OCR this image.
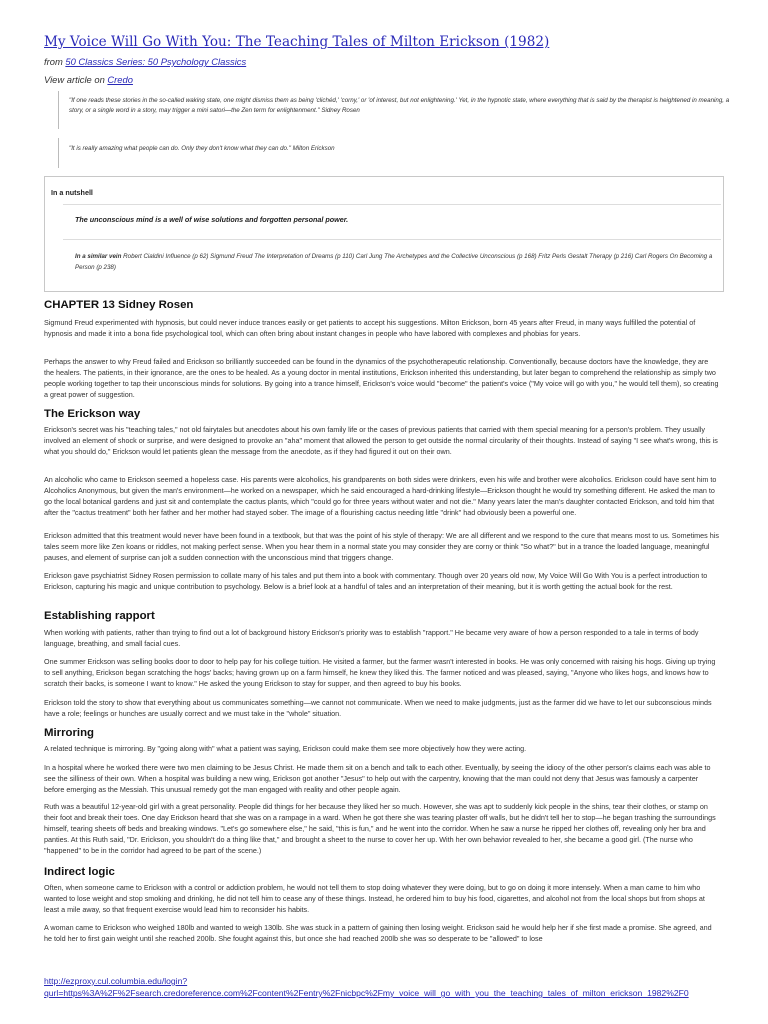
My Voice Will Go With You: The Teaching Tales of Milton Erickson (1982)
from 50 Classics Series: 50 Psychology Classics
View article on Credo
"If one reads these stories in the so-called waking state, one might dismiss them as being 'clichéd,' 'corny,' or 'of interest, but not enlightening.' Yet, in the hypnotic state, where everything that is said by the therapist is heightened in meaning, a story, or a single word in a story, may trigger a mini satori—the Zen term for enlightenment." Sidney Rosen
"It is really amazing what people can do. Only they don't know what they can do." Milton Erickson
In a nutshell
The unconscious mind is a well of wise solutions and forgotten personal power.
In a similar vein Robert Cialdini Influence (p 62) Sigmund Freud The Interpretation of Dreams (p 110) Carl Jung The Archetypes and the Collective Unconscious (p 168) Fritz Perls Gestalt Therapy (p 216) Carl Rogers On Becoming a Person (p 238)
CHAPTER 13 Sidney Rosen

Sigmund Freud experimented with hypnosis, but could never induce trances easily or get patients to accept his suggestions. Milton Erickson, born 45 years after Freud, in many ways fulfilled the potential of hypnosis and made it into a bona fide psychological tool, which can often bring about instant changes in people who have labored with complexes and phobias for years.

Perhaps the answer to why Freud failed and Erickson so brilliantly succeeded can be found in the dynamics of the psychotherapeutic relationship. Conventionally, because doctors have the knowledge, they are the healers. The patients, in their ignorance, are the ones to be healed. As a young doctor in mental institutions, Erickson inherited this understanding, but later began to comprehend the relationship as simply two people working together to tap their unconscious minds for solutions. By going into a trance himself, Erickson's voice would "become" the patient's voice ("My voice will go with you," he would tell them), so creating a great power of suggestion.

The Erickson way

Erickson's secret was his "teaching tales," not old fairytales but anecdotes about his own family life or the cases of previous patients that carried with them special meaning for a person's problem. They usually involved an element of shock or surprise, and were designed to provoke an "aha" moment that allowed the person to get outside the normal circularity of their thoughts. Instead of saying "I see what's wrong, this is what you should do," Erickson would let patients glean the message from the anecdote, as if they had figured it out on their own.

An alcoholic who came to Erickson seemed a hopeless case. His parents were alcoholics, his grandparents on both sides were drinkers, even his wife and brother were alcoholics. Erickson could have sent him to Alcoholics Anonymous, but given the man's environment—he worked on a newspaper, which he said encouraged a hard-drinking lifestyle—Erickson thought he would try something different. He asked the man to go the local botanical gardens and just sit and contemplate the cactus plants, which "could go for three years without water and not die." Many years later the man's daughter contacted Erickson, and told him that after the "cactus treatment" both her father and her mother had stayed sober. The image of a flourishing cactus needing little "drink" had obviously been a powerful one.

Erickson admitted that this treatment would never have been found in a textbook, but that was the point of his style of therapy: We are all different and we respond to the cure that means most to us. Sometimes his tales seem more like Zen koans or riddles, not making perfect sense. When you hear them in a normal state you may consider they are corny or think "So what?" but in a trance the loaded language, meaningful pauses, and element of surprise can jolt a sudden connection with the unconscious mind that triggers change.

Erickson gave psychiatrist Sidney Rosen permission to collate many of his tales and put them into a book with commentary. Though over 20 years old now, My Voice Will Go With You is a perfect introduction to Erickson, capturing his magic and unique contribution to psychology. Below is a brief look at a handful of tales and an interpretation of their meaning, but it is worth getting the actual book for the rest.

Establishing rapport

When working with patients, rather than trying to find out a lot of background history Erickson's priority was to establish "rapport." He became very aware of how a person responded to a tale in terms of body language, breathing, and small facial cues.

One summer Erickson was selling books door to door to help pay for his college tuition. He visited a farmer, but the farmer wasn't interested in books. He was only concerned with raising his hogs. Giving up trying to sell anything, Erickson began scratching the hogs' backs; having grown up on a farm himself, he knew they liked this. The farmer noticed and was pleased, saying, "Anyone who likes hogs, and knows how to scratch their backs, is someone I want to know." He asked the young Erickson to stay for supper, and then agreed to buy his books.

Erickson told the story to show that everything about us communicates something—we cannot not communicate. When we need to make judgments, just as the farmer did we have to let our subconscious minds have a role; feelings or hunches are usually correct and we must take in the "whole" situation.

Mirroring

A related technique is mirroring. By "going along with" what a patient was saying, Erickson could make them see more objectively how they were acting.

In a hospital where he worked there were two men claiming to be Jesus Christ. He made them sit on a bench and talk to each other. Eventually, by seeing the idiocy of the other person's claims each was able to see the silliness of their own. When a hospital was building a new wing, Erickson got another "Jesus" to help out with the carpentry, knowing that the man could not deny that Jesus was famously a carpenter before emerging as the Messiah. This unusual remedy got the man engaged with reality and other people again.

Ruth was a beautiful 12-year-old girl with a great personality. People did things for her because they liked her so much. However, she was apt to suddenly kick people in the shins, tear their clothes, or stamp on their foot and break their toes. One day Erickson heard that she was on a rampage in a ward. When he got there she was tearing plaster off walls, but he didn't tell her to stop—he began trashing the surroundings himself, tearing sheets off beds and breaking windows. "Let's go somewhere else," he said, "this is fun," and he went into the corridor. When he saw a nurse he ripped her clothes off, revealing only her bra and panties. At this Ruth said, "Dr. Erickson, you shouldn't do a thing like that," and brought a sheet to the nurse to cover her up. With her own behavior revealed to her, she became a good girl. (The nurse who "happened" to be in the corridor had agreed to be part of the scene.)

Indirect logic

Often, when someone came to Erickson with a control or addiction problem, he would not tell them to stop doing whatever they were doing, but to go on doing it more intensely. When a man came to him who wanted to lose weight and stop smoking and drinking, he did not tell him to cease any of these things. Instead, he ordered him to buy his food, cigarettes, and alcohol not from the local shops but from shops at least a mile away, so that frequent exercise would lead him to reconsider his habits.

A woman came to Erickson who weighed 180lb and wanted to weigh 130lb. She was stuck in a pattern of gaining then losing weight. Erickson said he would help her if she first made a promise. She agreed, and he told her to first gain weight until she reached 200lb. She fought against this, but once she had reached 200lb she was so desperate to be "allowed" to lose

http://ezproxy.cul.columbia.edu/login?
qurl=https%3A%2F%2Fsearch.credoreference.com%2Fcontent%2Fentry%2Fnicbpc%2Fmy_voice_will_go_with_you_the_teaching_tales_of_milton_erickson_1982%2F0
